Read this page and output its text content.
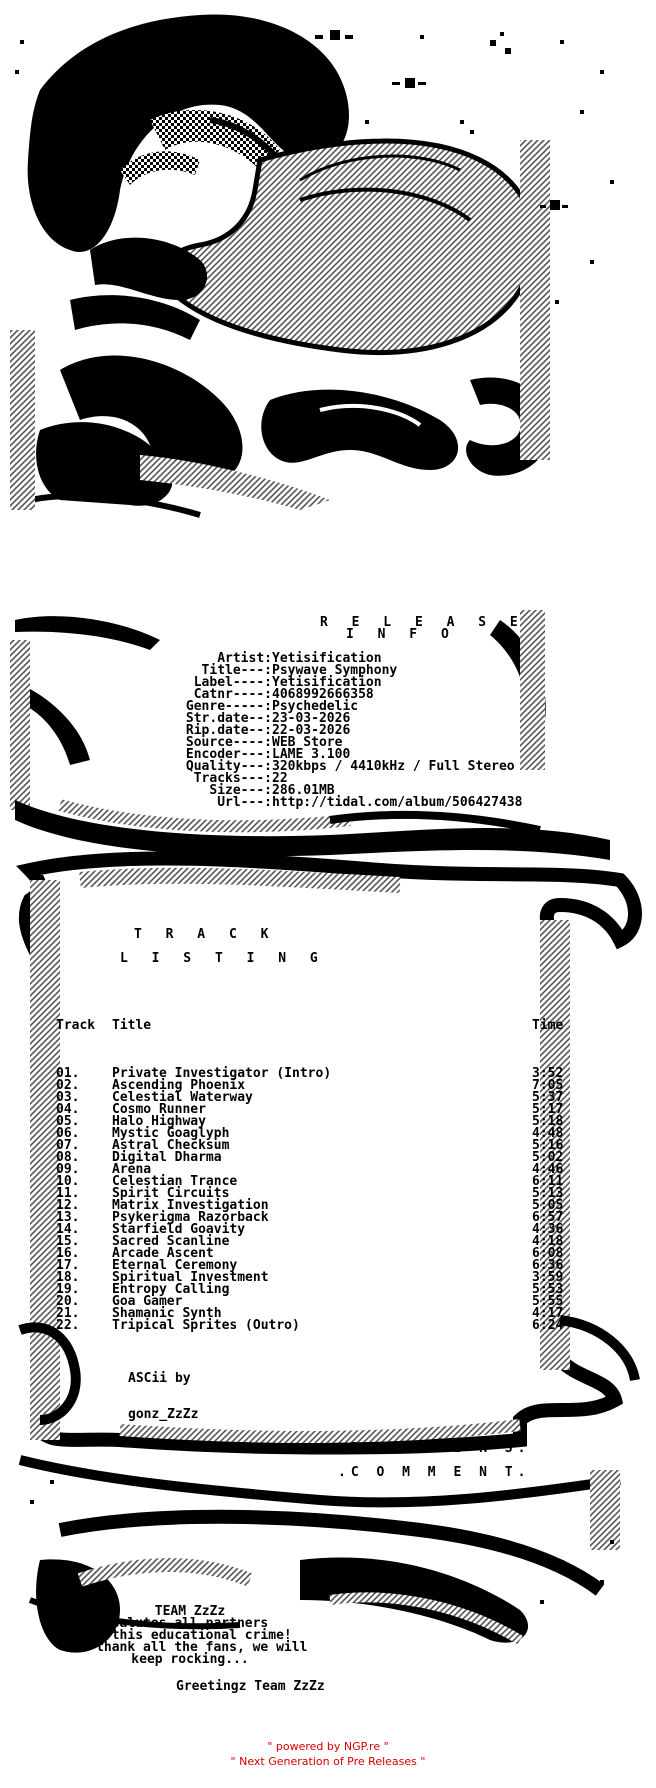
R E L E A S E

I N F O

Artist: Yetisification
Title---: Psywave Symphony
Label----: Yetisification
Catnr----: 4068992666358
Genre-----: Psychedelic
Str.date--: 23-03-2026
Rip.date--: 22-03-2026
Source----: WEB Store
Encoder---: LAME 3.100
Quality---: 320kbps / 4410kHz / Full Stereo
Tracks---: 22
Size---: 286.01MB
Url---: http://tidal.com/album/506427438

T R A C K

L I S T I N G

Track	Title	Time

01.	Private Investigator (Intro)	3:52
02.	Ascending Phoenix	7:05
03.	Celestial Waterway	5:37
04.	Cosmo Runner	5:17
05.	Halo Highway	5:18
06.	Mystic Goaglyph	4:48
07.	Astral Checksum	5:16
08.	Digital Dharma	5:02
09.	Arena	4:46
10.	Celestian Trance	6:11
11.	Spirit Circuits	5:13
12.	Matrix Investigation	5:05
13.	Psykerigma Razorback	6:57
14.	Starfield Goavity	4:36
15.	Sacred Scanline	4:18
16.	Arcade Ascent	6:08
17.	Eternal Ceremony	6:36
18.	Spiritual Investment	3:59
19.	Entropy Calling	5:53
20.	Goa Gamer	5:55
21.	Shamanic Synth	4:17
22.	Tripical Sprites (Outro)	6:24

ASCii by

gonz_ZzZz

.R I P P E R S.

.C O M M E N T.

TEAM ZzZz
salutes all partners
in this educational crime!
we thank all the fans, we will
keep rocking...

Greetingz Team ZzZz
" powered by NGP.re "
" Next Generation of Pre Releases "
